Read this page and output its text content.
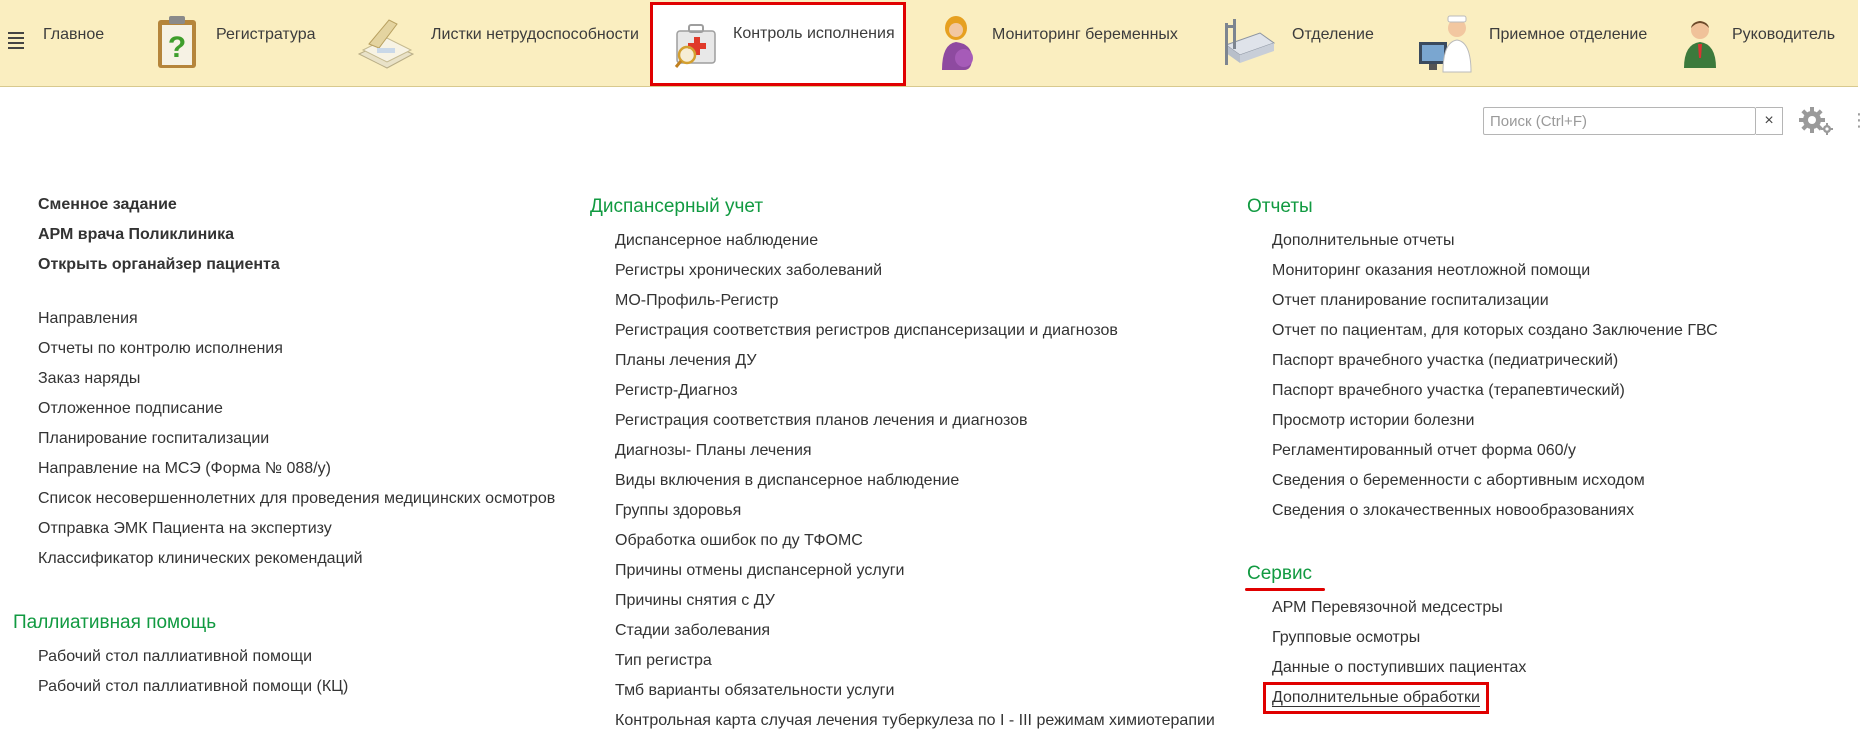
Главное ? Регистратура	Листки нетрудоспособности	Контроль исполнения	Мониторинг беременных	Отделение	Приемное отделение	Руководитель
Поиск (Ctrl+F)
×	⋮
Сменное задание
АРМ врача Поликлиника
Открыть органайзер пациента
Направления
Отчеты по контролю исполнения
Заказ наряды
Отложенное подписание
Планирование госпитализации
Направление на МСЭ (Форма № 088/у)
Список несовершеннолетних для проведения медицинских осмотров
Отправка ЭМК Пациента на экспертизу
Классификатор клинических рекомендаций
Паллиативная помощь
Рабочий стол паллиативной помощи
Рабочий стол паллиативной помощи (КЦ)
Диспансерный учет
Диспансерное наблюдение
Регистры хронических заболеваний
МО-Профиль-Регистр
Регистрация соответствия регистров диспансеризации и диагнозов
Планы лечения ДУ
Регистр-Диагноз
Регистрация соответствия планов лечения и диагнозов
Диагнозы- Планы лечения
Виды включения в диспансерное наблюдение
Группы здоровья
Обработка ошибок по ду ТФОМС
Причины отмены диспансерной услуги
Причины снятия с ДУ
Стадии заболевания
Тип регистра
Тмб варианты обязательности услуги
Контрольная карта случая лечения туберкулеза по I - III режимам химиотерапии
Отчеты
Дополнительные отчеты
Мониторинг оказания неотложной помощи
Отчет планирование госпитализации
Отчет по пациентам, для которых создано Заключение ГВС
Паспорт врачебного участка (педиатрический)
Паспорт врачебного участка (терапевтический)
Просмотр истории болезни
Регламентированный отчет форма 060/у
Сведения о беременности с абортивным исходом
Сведения о злокачественных новообразованиях
Сервис
АРМ Перевязочной медсестры
Групповые осмотры
Данные о поступивших пациентах
Дополнительные обработки
